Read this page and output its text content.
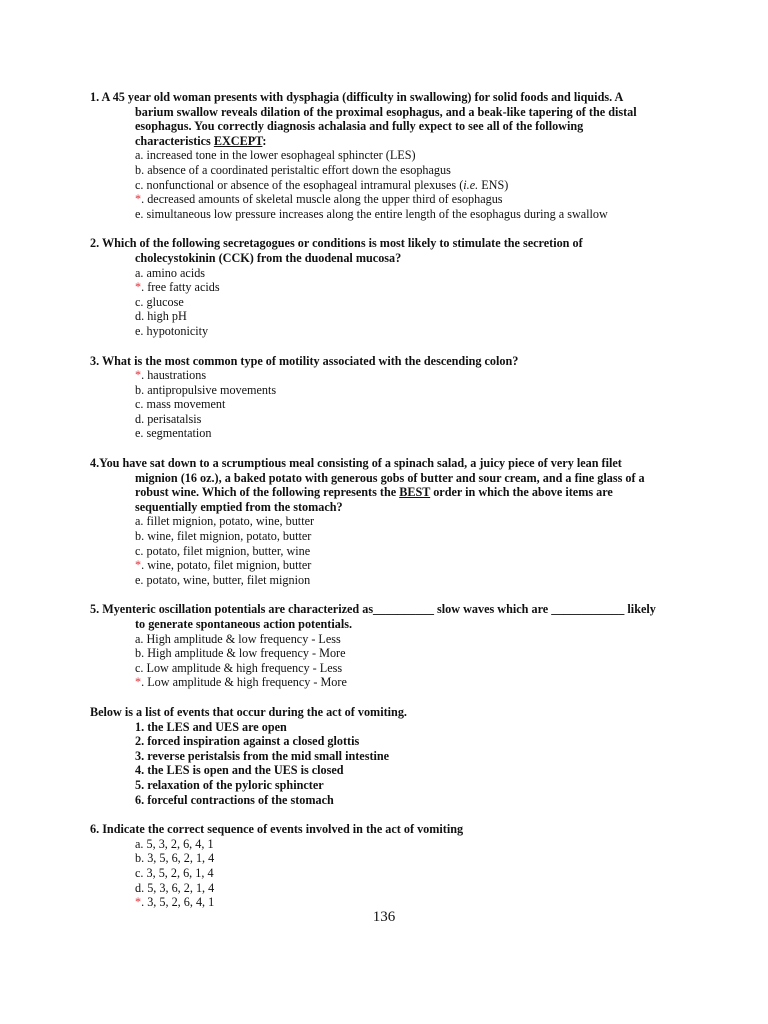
1. A 45 year old woman presents with dysphagia (difficulty in swallowing) for solid foods and liquids. A
barium swallow reveals dilation of the proximal esophagus, and a beak-like tapering of the distal
esophagus. You correctly diagnosis achalasia and fully expect to see all of the following
characteristics EXCEPT:
a. increased tone in the lower esophageal sphincter (LES)
b. absence of a coordinated peristaltic effort down the esophagus
c. nonfunctional or absence of the esophageal intramural plexuses (i.e. ENS)
*. decreased amounts of skeletal muscle along the upper third of esophagus
e. simultaneous low pressure increases along the entire length of the esophagus during a swallow
2. Which of the following secretagogues or conditions is most likely to stimulate the secretion of
cholecystokinin (CCK) from the duodenal mucosa?
a. amino acids
*. free fatty acids
c. glucose
d. high pH
e. hypotonicity
3. What is the most common type of motility associated with the descending colon?
*. haustrations
b. antipropulsive movements
c. mass movement
d. perisatalsis
e. segmentation
4.You have sat down to a scrumptious meal consisting of a spinach salad, a juicy piece of very lean filet
mignion (16 oz.), a baked potato with generous gobs of butter and sour cream, and a fine glass of a
robust wine. Which of the following represents the BEST order in which the above items are
sequentially emptied from the stomach?
a. fillet mignion, potato, wine, butter
b. wine, filet mignion, potato, butter
c. potato, filet mignion, butter, wine
*. wine, potato, filet mignion, butter
e. potato, wine, butter, filet mignion
5. Myenteric oscillation potentials are characterized as__________ slow waves which are ____________ likely
to generate spontaneous action potentials.
a. High amplitude & low frequency - Less
b. High amplitude & low frequency - More
c. Low amplitude & high frequency - Less
*. Low amplitude & high frequency - More
Below is a list of events that occur during the act of vomiting.
1. the LES and UES are open
2. forced inspiration against a closed glottis
3. reverse peristalsis from the mid small intestine
4. the LES is open and the UES is closed
5. relaxation of the pyloric sphincter
6. forceful contractions of the stomach
6. Indicate the correct sequence of events involved in the act of vomiting
a. 5, 3, 2, 6, 4, 1
b. 3, 5, 6, 2, 1, 4
c. 3, 5, 2, 6, 1, 4
d. 5, 3, 6, 2, 1, 4
*. 3, 5, 2, 6, 4, 1
136
